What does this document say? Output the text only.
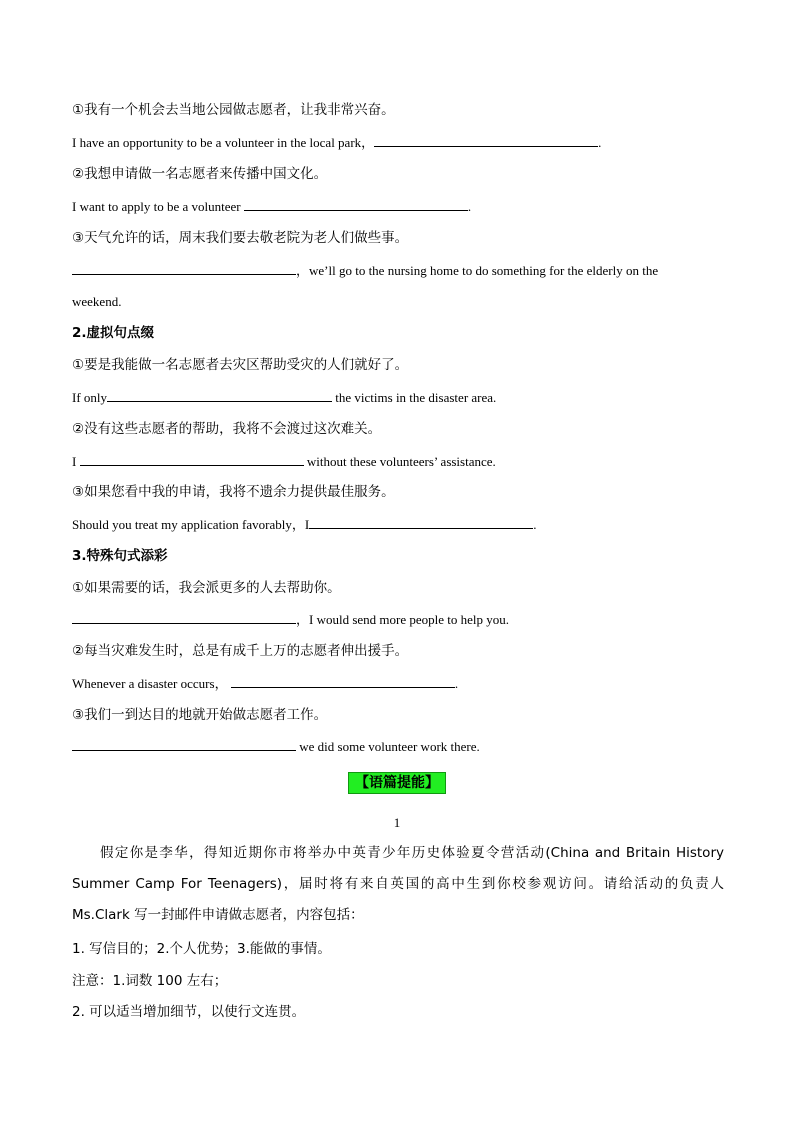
①我有一个机会去当地公园做志愿者，让我非常兴奋。
I have an opportunity to be a volunteer in the local park，	.
②我想申请做一名志愿者来传播中国文化。
I want to apply to be a volunteer	.
③天气允许的话，周末我们要去敬老院为老人们做些事。
，we’ll go to the nursing home to do something for the elderly on the
weekend.
2.虚拟句点缀
①要是我能做一名志愿者去灾区帮助受灾的人们就好了。
If only	the victims in the disaster area.
②没有这些志愿者的帮助，我将不会渡过这次难关。
I	without these volunteers’ assistance.
③如果您看中我的申请，我将不遗余力提供最佳服务。
Should you treat my application favorably，I	.
3.特殊句式添彩
①如果需要的话，我会派更多的人去帮助你。
，I would send more people to help you.
②每当灾难发生时，总是有成千上万的志愿者伸出援手。
Whenever a disaster occurs，	.
③我们一到达目的地就开始做志愿者工作。
we did some volunteer work there.
【语篇提能】
1
假定你是李华，得知近期你市将举办中英青少年历史体验夏令营活动(China and Britain History Summer Camp For Teenagers)，届时将有来自英国的高中生到你校参观访问。请给活动的负责人 Ms.Clark 写一封邮件申请做志愿者，内容包括：
1. 写信目的；2.个人优势；3.能做的事情。
注意：1.词数 100 左右；
2. 可以适当增加细节，以使行文连贯。
